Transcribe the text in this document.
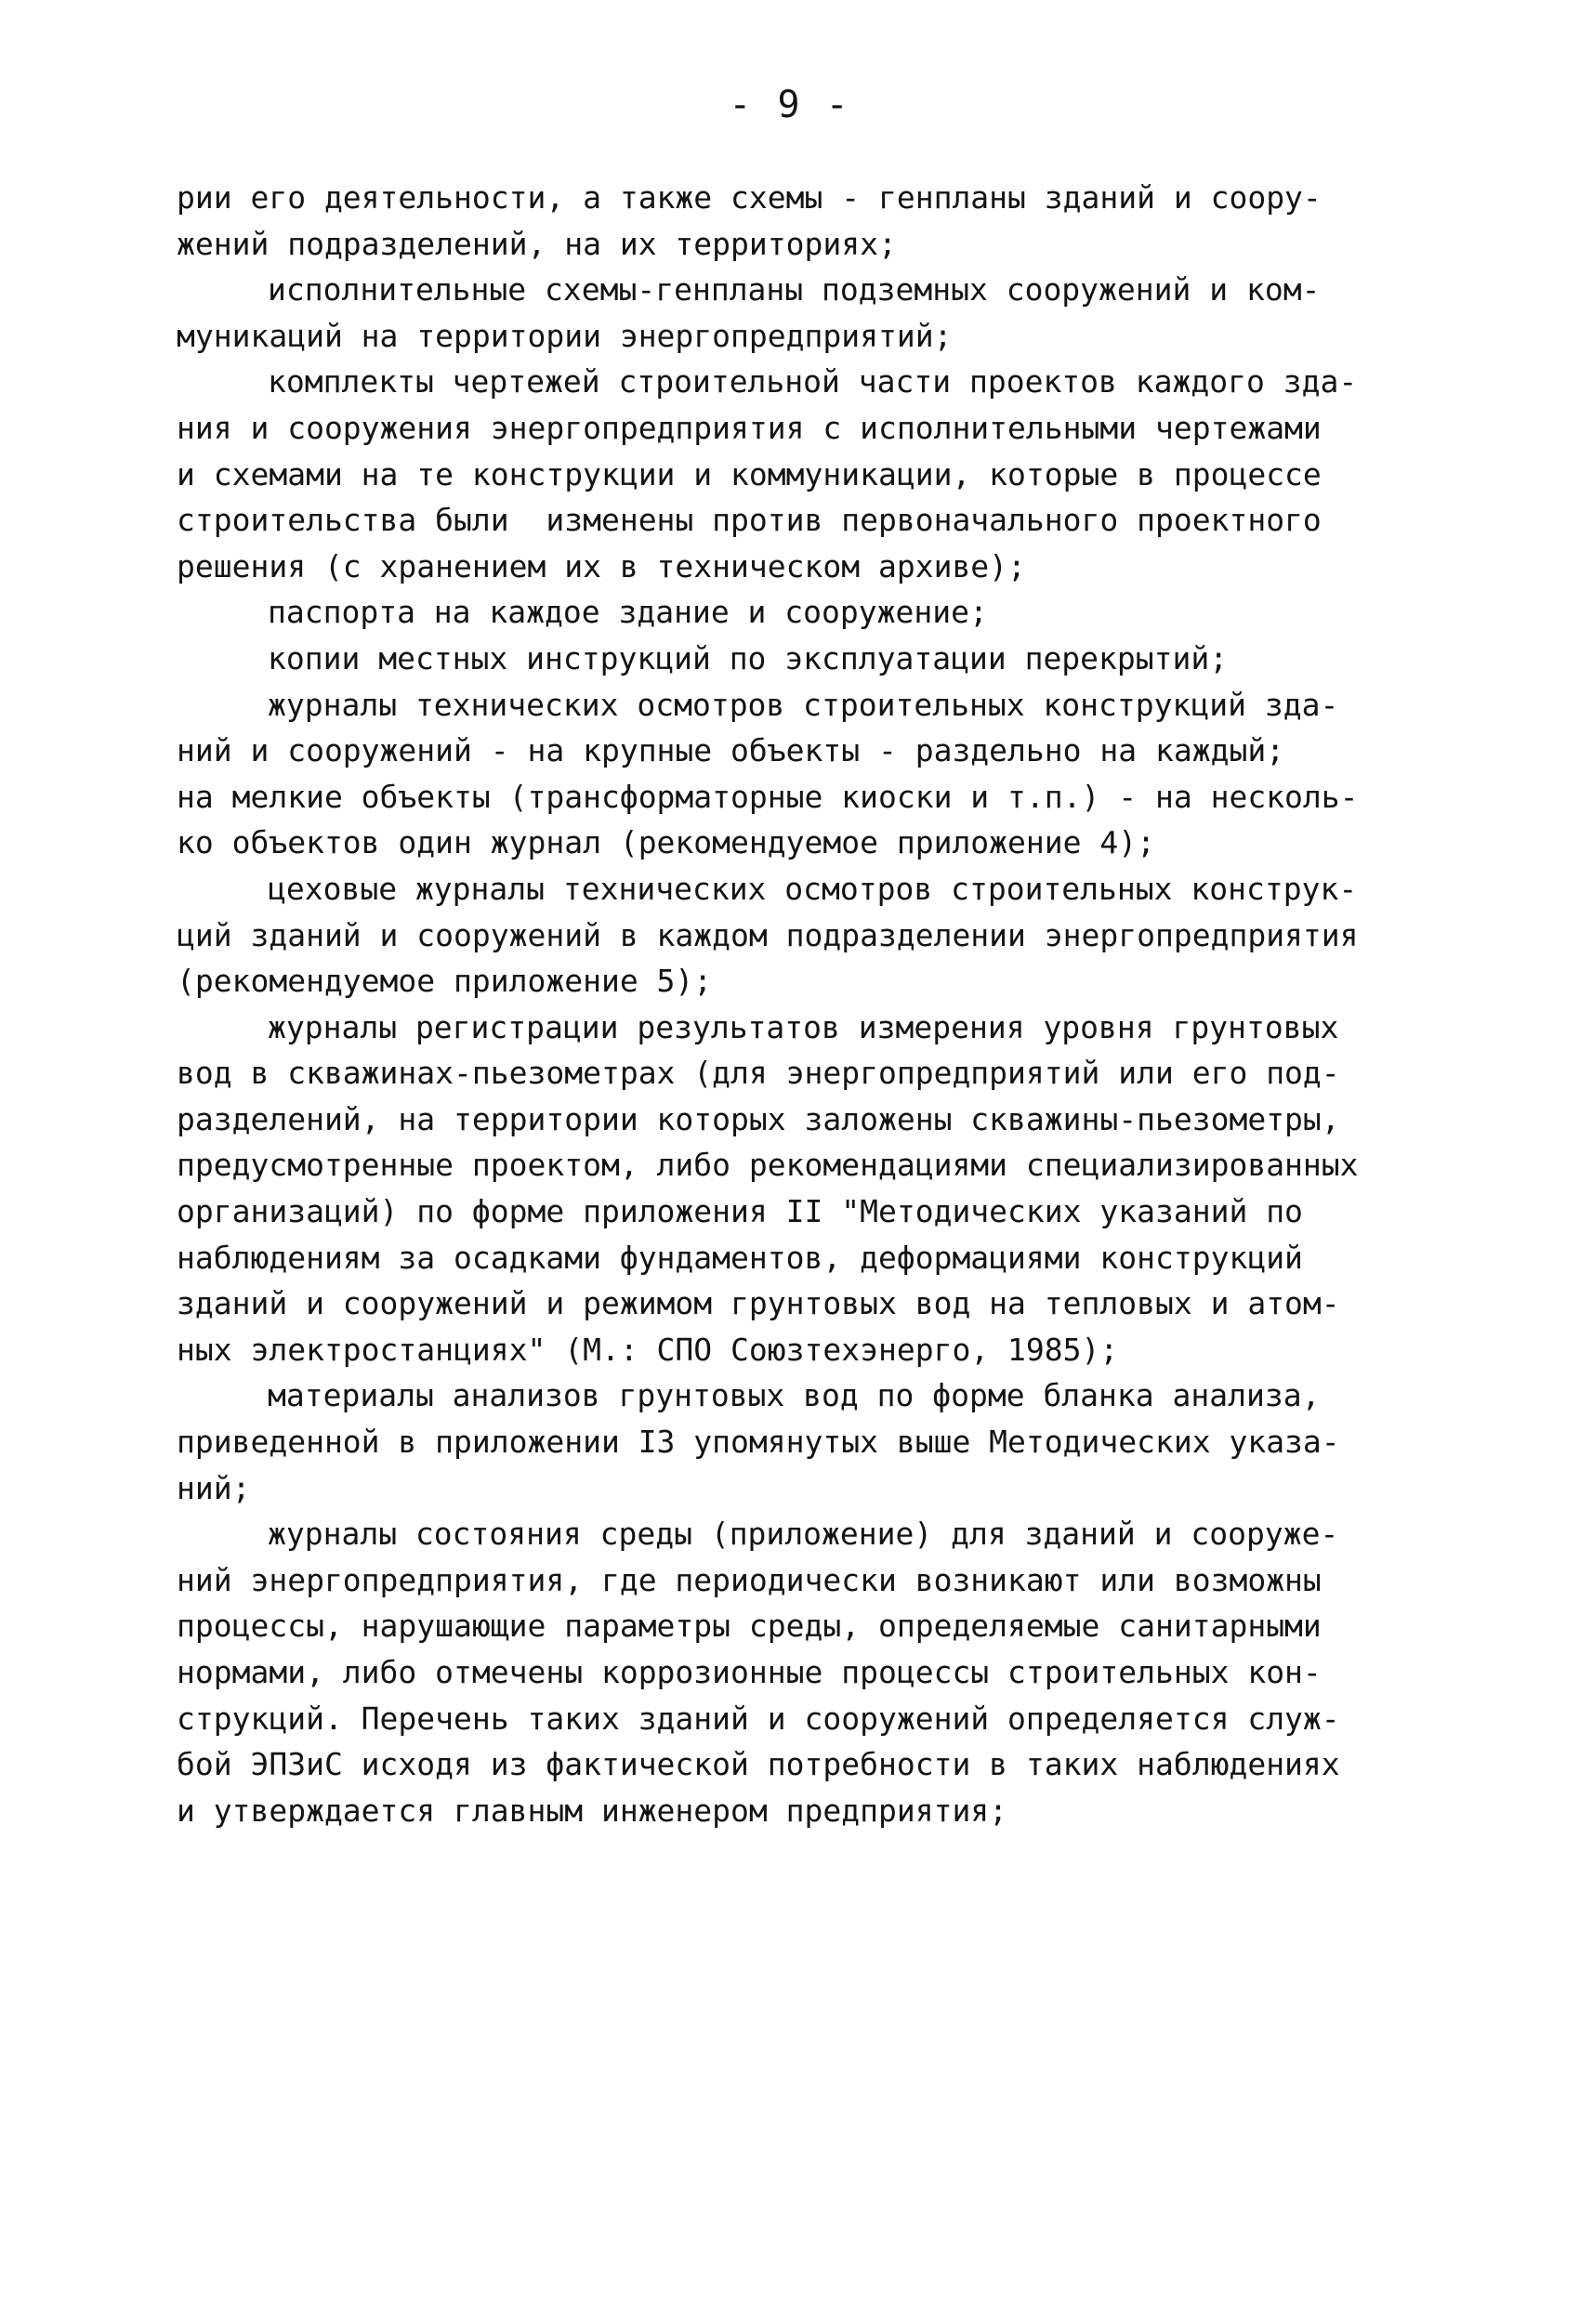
- 9 -
рии его деятельности, а также схемы - генпланы зданий и соору-
жений подразделений, на их территориях;
исполнительные схемы-генпланы подземных сооружений и ком-
муникаций на территории энергопредприятий;
комплекты чертежей строительной части проектов каждого зда-
ния и сооружения энергопредприятия с исполнительными чертежами
и схемами на те конструкции и коммуникации, которые в процессе
строительства были  изменены против первоначального проектного
решения (с хранением их в техническом архиве);
паспорта на каждое здание и сооружение;
копии местных инструкций по эксплуатации перекрытий;
журналы технических осмотров строительных конструкций зда-
ний и сооружений - на крупные объекты - раздельно на каждый;
на мелкие объекты (трансформаторные киоски и т.п.) - на несколь-
ко объектов один журнал (рекомендуемое приложение 4);
цеховые журналы технических осмотров строительных конструк-
ций зданий и сооружений в каждом подразделении энергопредприятия
(рекомендуемое приложение 5);
журналы регистрации результатов измерения уровня грунтовых
вод в скважинах-пьезометрах (для энергопредприятий или его под-
разделений, на территории которых заложены скважины-пьезометры,
предусмотренные проектом, либо рекомендациями специализированных
организаций) по форме приложения II "Методических указаний по
наблюдениям за осадками фундаментов, деформациями конструкций
зданий и сооружений и режимом грунтовых вод на тепловых и атом-
ных электростанциях" (М.: СПО Союзтехэнерго, 1985);
материалы анализов грунтовых вод по форме бланка анализа,
приведенной в приложении I3 упомянутых выше Методических указа-
ний;
журналы состояния среды (приложение) для зданий и сооруже-
ний энергопредприятия, где периодически возникают или возможны
процессы, нарушающие параметры среды, определяемые санитарными
нормами, либо отмечены коррозионные процессы строительных кон-
струкций. Перечень таких зданий и сооружений определяется служ-
бой ЭПЗиС исходя из фактической потребности в таких наблюдениях
и утверждается главным инженером предприятия;
